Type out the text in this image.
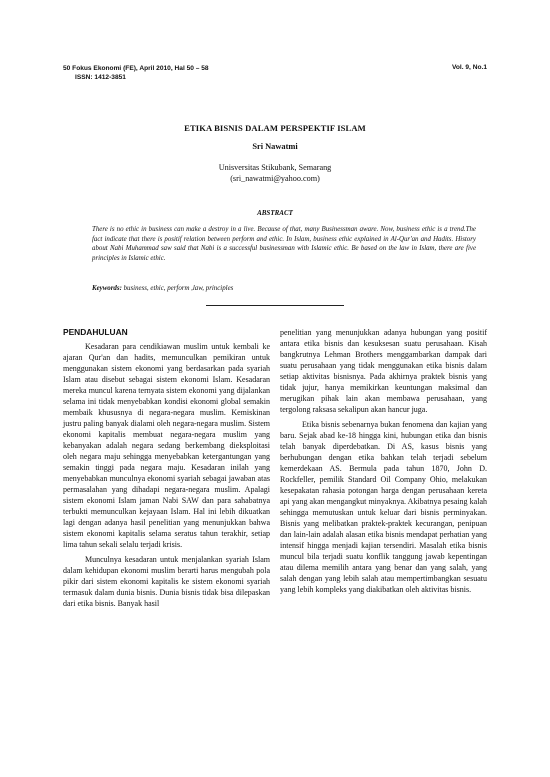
50 Fokus Ekonomi (FE), April 2010, Hal 50 – 58
ISSN: 1412-3851
Vol. 9, No.1
ETIKA BISNIS DALAM PERSPEKTIF ISLAM
Sri Nawatmi
Unisversitas Stikubank, Semarang
(sri_nawatmi@yahoo.com)
ABSTRACT

There is no ethic in business can make a destroy in a live. Because of that, many Businessman aware. Now, business ethic is a trend.The fact indicate that there is positif relation between perform and ethic. In Islam, business ethic explained in Al-Qur'an and Hadits. History about Nabi Muhammad saw said that Nabi is a successful businessman with Islamic ethic. Be based on the law in Islam, there are five principles in Islamic ethic.

Keywords: business, ethic, perform ,law, principles
PENDAHULUAN

Kesadaran para cendikiawan muslim untuk kembali ke ajaran Qur'an dan hadits, memunculkan pemikiran untuk menggunakan sistem ekonomi yang berdasarkan pada syariah Islam atau disebut sebagai sistem ekonomi Islam. Kesadaran mereka muncul karena ternyata sistem ekonomi yang dijalankan selama ini tidak menyebabkan kondisi ekonomi global semakin membaik khususnya di negara-negara muslim. Kemiskinan justru paling banyak dialami oleh negara-negara muslim. Sistem ekonomi kapitalis membuat negara-negara muslim yang kebanyakan adalah negara sedang berkembang dieksploitasi oleh negara maju sehingga menyebabkan ketergantungan yang semakin tinggi pada negara maju. Kesadaran inilah yang menyebabkan munculnya ekonomi syariah sebagai jawaban atas permasalahan yang dihadapi negara-negara muslim. Apalagi sistem ekonomi Islam jaman Nabi SAW dan para sahabatnya terbukti memunculkan kejayaan Islam. Hal ini lebih dikuatkan lagi dengan adanya hasil penelitian yang menunjukkan bahwa sistem ekonomi kapitalis selama seratus tahun terakhir, setiap lima tahun sekali selalu terjadi krisis.

Munculnya kesadaran untuk menjalankan syariah Islam dalam kehidupan ekonomi muslim berarti harus mengubah pola pikir dari sistem ekonomi kapitalis ke sistem ekonomi syariah termasuk dalam dunia bisnis. Dunia bisnis tidak bisa dilepaskan dari etika bisnis. Banyak hasil

penelitian yang menunjukkan adanya hubungan yang positif antara etika bisnis dan kesuksesan suatu perusahaan. Kisah bangkrutnya Lehman Brothers menggambarkan dampak dari suatu perusahaan yang tidak menggunakan etika bisnis dalam setiap aktivitas bisnisnya. Pada akhirnya praktek bisnis yang tidak jujur, hanya memikirkan keuntungan maksimal dan merugikan pihak lain akan membawa perusahaan, yang tergolong raksasa sekalipun akan hancur juga.

Etika bisnis sebenarnya bukan fenomena dan kajian yang baru. Sejak abad ke-18 hingga kini, hubungan etika dan bisnis telah banyak diperdebatkan. Di AS, kasus bisnis yang berhubungan dengan etika bahkan telah terjadi sebelum kemerdekaan AS. Bermula pada tahun 1870, John D. Rockfeller, pemilik Standard Oil Company Ohio, melakukan kesepakatan rahasia potongan harga dengan perusahaan kereta api yang akan mengangkut minyaknya. Akibatnya pesaing kalah sehingga memutuskan untuk keluar dari bisnis perminyakan. Bisnis yang melibatkan praktek-praktek kecurangan, penipuan dan lain-lain adalah alasan etika bisnis mendapat perhatian yang intensif hingga menjadi kajian tersendiri. Masalah etika bisnis muncul bila terjadi suatu konflik tanggung jawab kepentingan atau dilema memilih antara yang benar dan yang salah, yang salah dengan yang lebih salah atau mempertimbangkan sesuatu yang lebih kompleks yang diakibatkan oleh aktivitas bisnis.
